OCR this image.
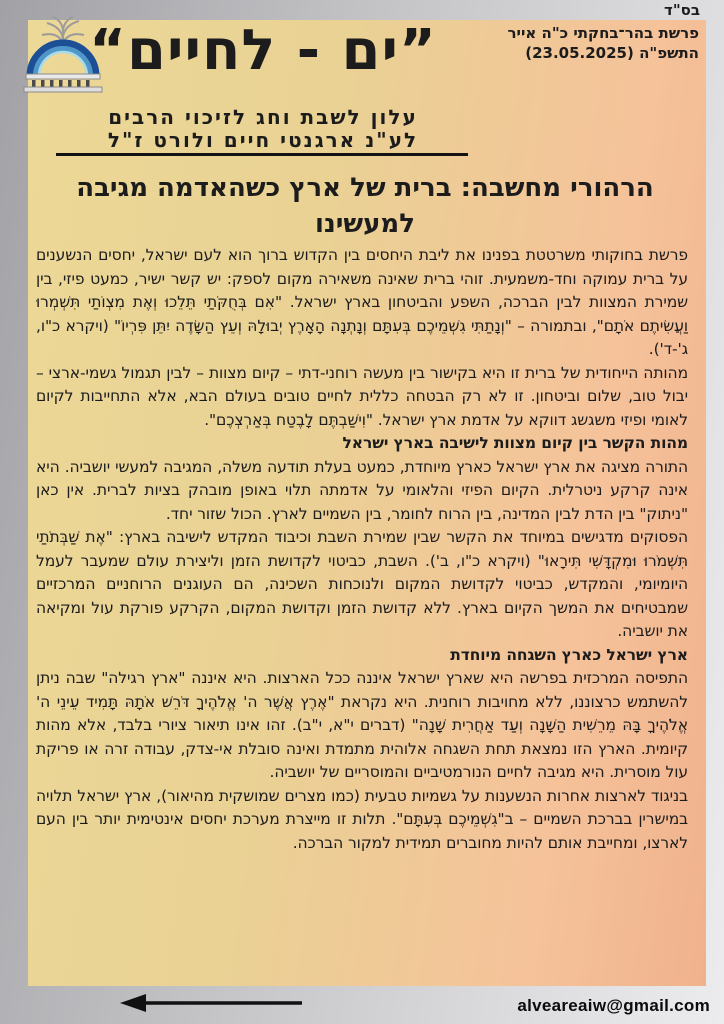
בס"ד
פרשת בהר־בחקתי כ"ה אייר
התשפ"ה (23.05.2025)
”ים - לחיים“
עלון לשבת וחג לזיכוי הרבים
לע"נ ארגנטי חיים ולורט ז"ל
הרהורי מחשבה: ברית של ארץ כשהאדמה מגיבה למעשינו

פרשת בחוקותי משרטטת בפנינו את ליבת היחסים בין הקדוש ברוך הוא לעם ישראל, יחסים הנשענים על ברית עמוקה וחד-משמעית. זוהי ברית שאינה משאירה מקום לספק: יש קשר ישיר, כמעט פיזי, בין שמירת המצוות לבין הברכה, השפע והביטחון בארץ ישראל. "אִם בְּחֻקֹּתַי תֵּלֵכוּ וְאֶת מִצְוֹתַי תִּשְׁמְרוּ וַעֲשִׂיתֶם אֹתָם", ובתמורה – "וְנָתַתִּי גִשְׁמֵיכֶם בְּעִתָּם וְנָתְנָה הָאָרֶץ יְבוּלָהּ וְעֵץ הַשָּׂדֶה יִתֵּן פִּרְיוֹ" (ויקרא כ"ו, ג'-ד').

מהותה הייחודית של ברית זו היא בקישור בין מעשה רוחני-דתי – קיום מצוות – לבין תגמול גשמי-ארצי – יבול טוב, שלום וביטחון. זו לא רק הבטחה כללית לחיים טובים בעולם הבא, אלא התחייבות לקיום לאומי ופיזי משגשג דווקא על אדמת ארץ ישראל. "וִישַׁבְתֶּם לָבֶטַח בְּאַרְצְכֶם".

מהות הקשר בין קיום מצוות לישיבה בארץ ישראל

התורה מציגה את ארץ ישראל כארץ מיוחדת, כמעט בעלת תודעה משלה, המגיבה למעשי יושביה. היא אינה קרקע ניטרלית. הקיום הפיזי והלאומי על אדמתה תלוי באופן מובהק בציות לברית. אין כאן "ניתוק" בין הדת לבין המדינה, בין הרוח לחומר, בין השמיים לארץ. הכול שזור יחד.

הפסוקים מדגישים במיוחד את הקשר שבין שמירת השבת וכיבוד המקדש לישיבה בארץ: "אֶת שַׁבְּתֹתַי תִּשְׁמֹרוּ וּמִקְדָּשִׁי תִּירָאוּ" (ויקרא כ"ו, ב'). השבת, כביטוי לקדושת הזמן וליצירת עולם שמעבר לעמל היומיומי, והמקדש, כביטוי לקדושת המקום ולנוכחות השכינה, הם העוגנים הרוחניים המרכזיים שמבטיחים את המשך הקיום בארץ. ללא קדושת הזמן וקדושת המקום, הקרקע פורקת עול ומקיאה את יושביה.

ארץ ישראל כארץ השגחה מיוחדת

התפיסה המרכזית בפרשה היא שארץ ישראל איננה ככל הארצות. היא איננה "ארץ רגילה" שבה ניתן להשתמש כרצוננו, ללא מחויבות רוחנית. היא נקראת "אֶרֶץ אֲשֶׁר ה' אֱלֹהֶיךָ דֹּרֵשׁ אֹתָהּ תָּמִיד עֵינֵי ה' אֱלֹהֶיךָ בָּהּ מֵרֵשִׁית הַשָּׁנָה וְעַד אַחֲרִית שָׁנָה" (דברים י"א, י"ב). זהו אינו תיאור ציורי בלבד, אלא מהות קיומית. הארץ הזו נמצאת תחת השגחה אלוהית מתמדת ואינה סובלת אי-צדק, עבודה זרה או פריקת עול מוסרית. היא מגיבה לחיים הנורמטיביים והמוסריים של יושביה.

בניגוד לארצות אחרות הנשענות על גשמיות טבעית (כמו מצרים שמושקית מהיאור), ארץ ישראל תלויה במישרין בברכת השמיים – ב"גִשְׁמֵיכֶם בְּעִתָּם". תלות זו מייצרת מערכת יחסים אינטימית יותר בין העם לארצו, ומחייבת אותם להיות מחוברים תמידית למקור הברכה.

alveareaiw@gmail.com
